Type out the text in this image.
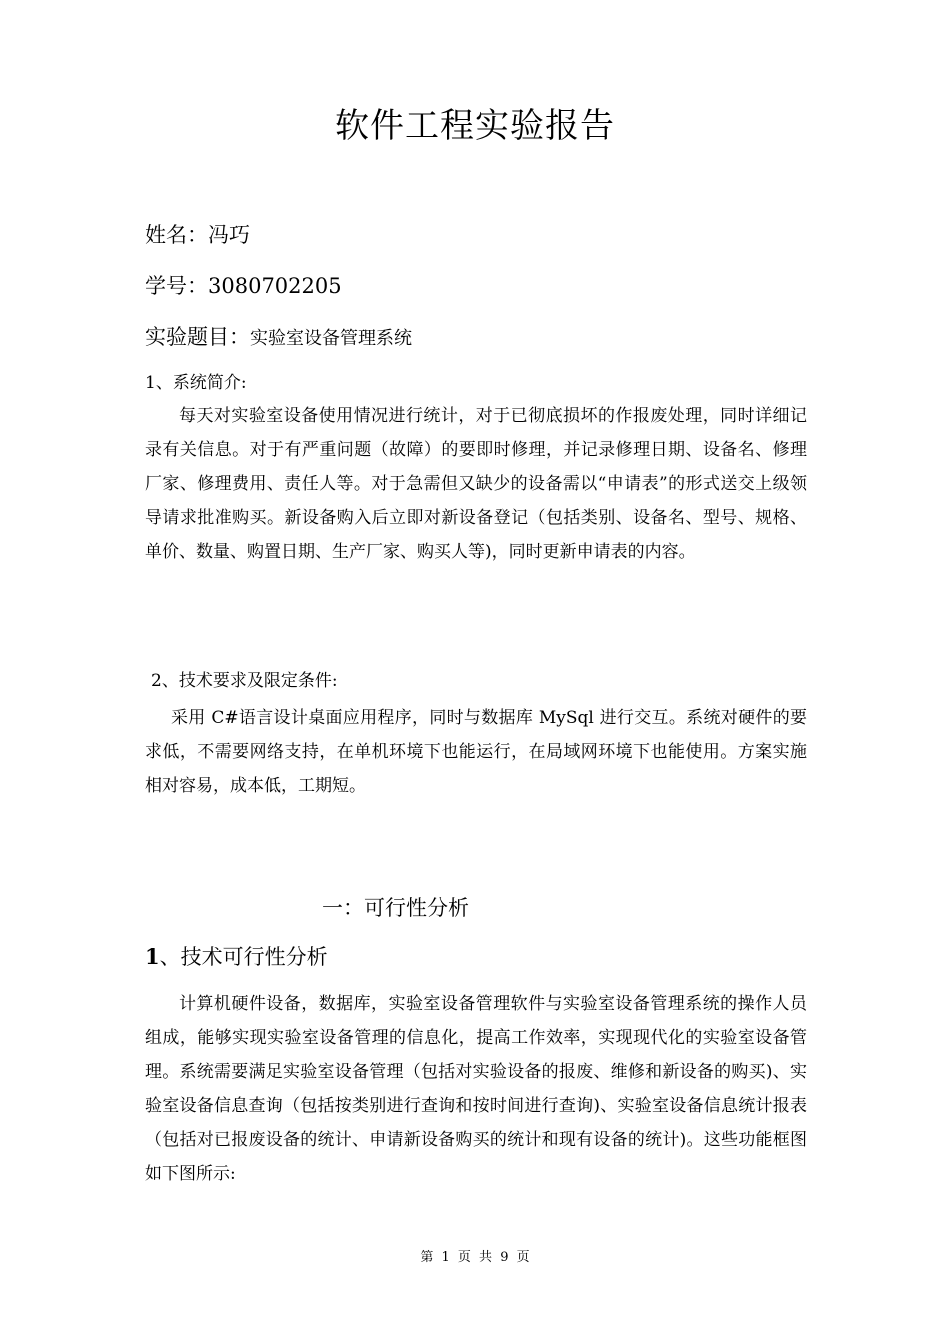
软件工程实验报告
姓名：冯巧
学号：3080702205
实验题目：实验室设备管理系统
1、系统简介:
每天对实验室设备使用情况进行统计，对于已彻底损坏的作报废处理，同时详细记录有关信息。对于有严重问题（故障）的要即时修理，并记录修理日期、设备名、修理厂家、修理费用、责任人等。对于急需但又缺少的设备需以“申请表”的形式送交上级领导请求批准购买。新设备购入后立即对新设备登记（包括类别、设备名、型号、规格、单价、数量、购置日期、生产厂家、购买人等)，同时更新申请表的内容。
2、技术要求及限定条件:
采用 C#语言设计桌面应用程序，同时与数据库 MySql 进行交互。系统对硬件的要求低，不需要网络支持，在单机环境下也能运行，在局域网环境下也能使用。方案实施相对容易，成本低，工期短。
一：可行性分析
1、技术可行性分析
计算机硬件设备，数据库，实验室设备管理软件与实验室设备管理系统的操作人员组成，能够实现实验室设备管理的信息化，提高工作效率，实现现代化的实验室设备管理。系统需要满足实验室设备管理（包括对实验设备的报废、维修和新设备的购买)、实验室设备信息查询（包括按类别进行查询和按时间进行查询)、实验室设备信息统计报表（包括对已报废设备的统计、申请新设备购买的统计和现有设备的统计)。这些功能框图如下图所示:
第 1 页 共 9 页
